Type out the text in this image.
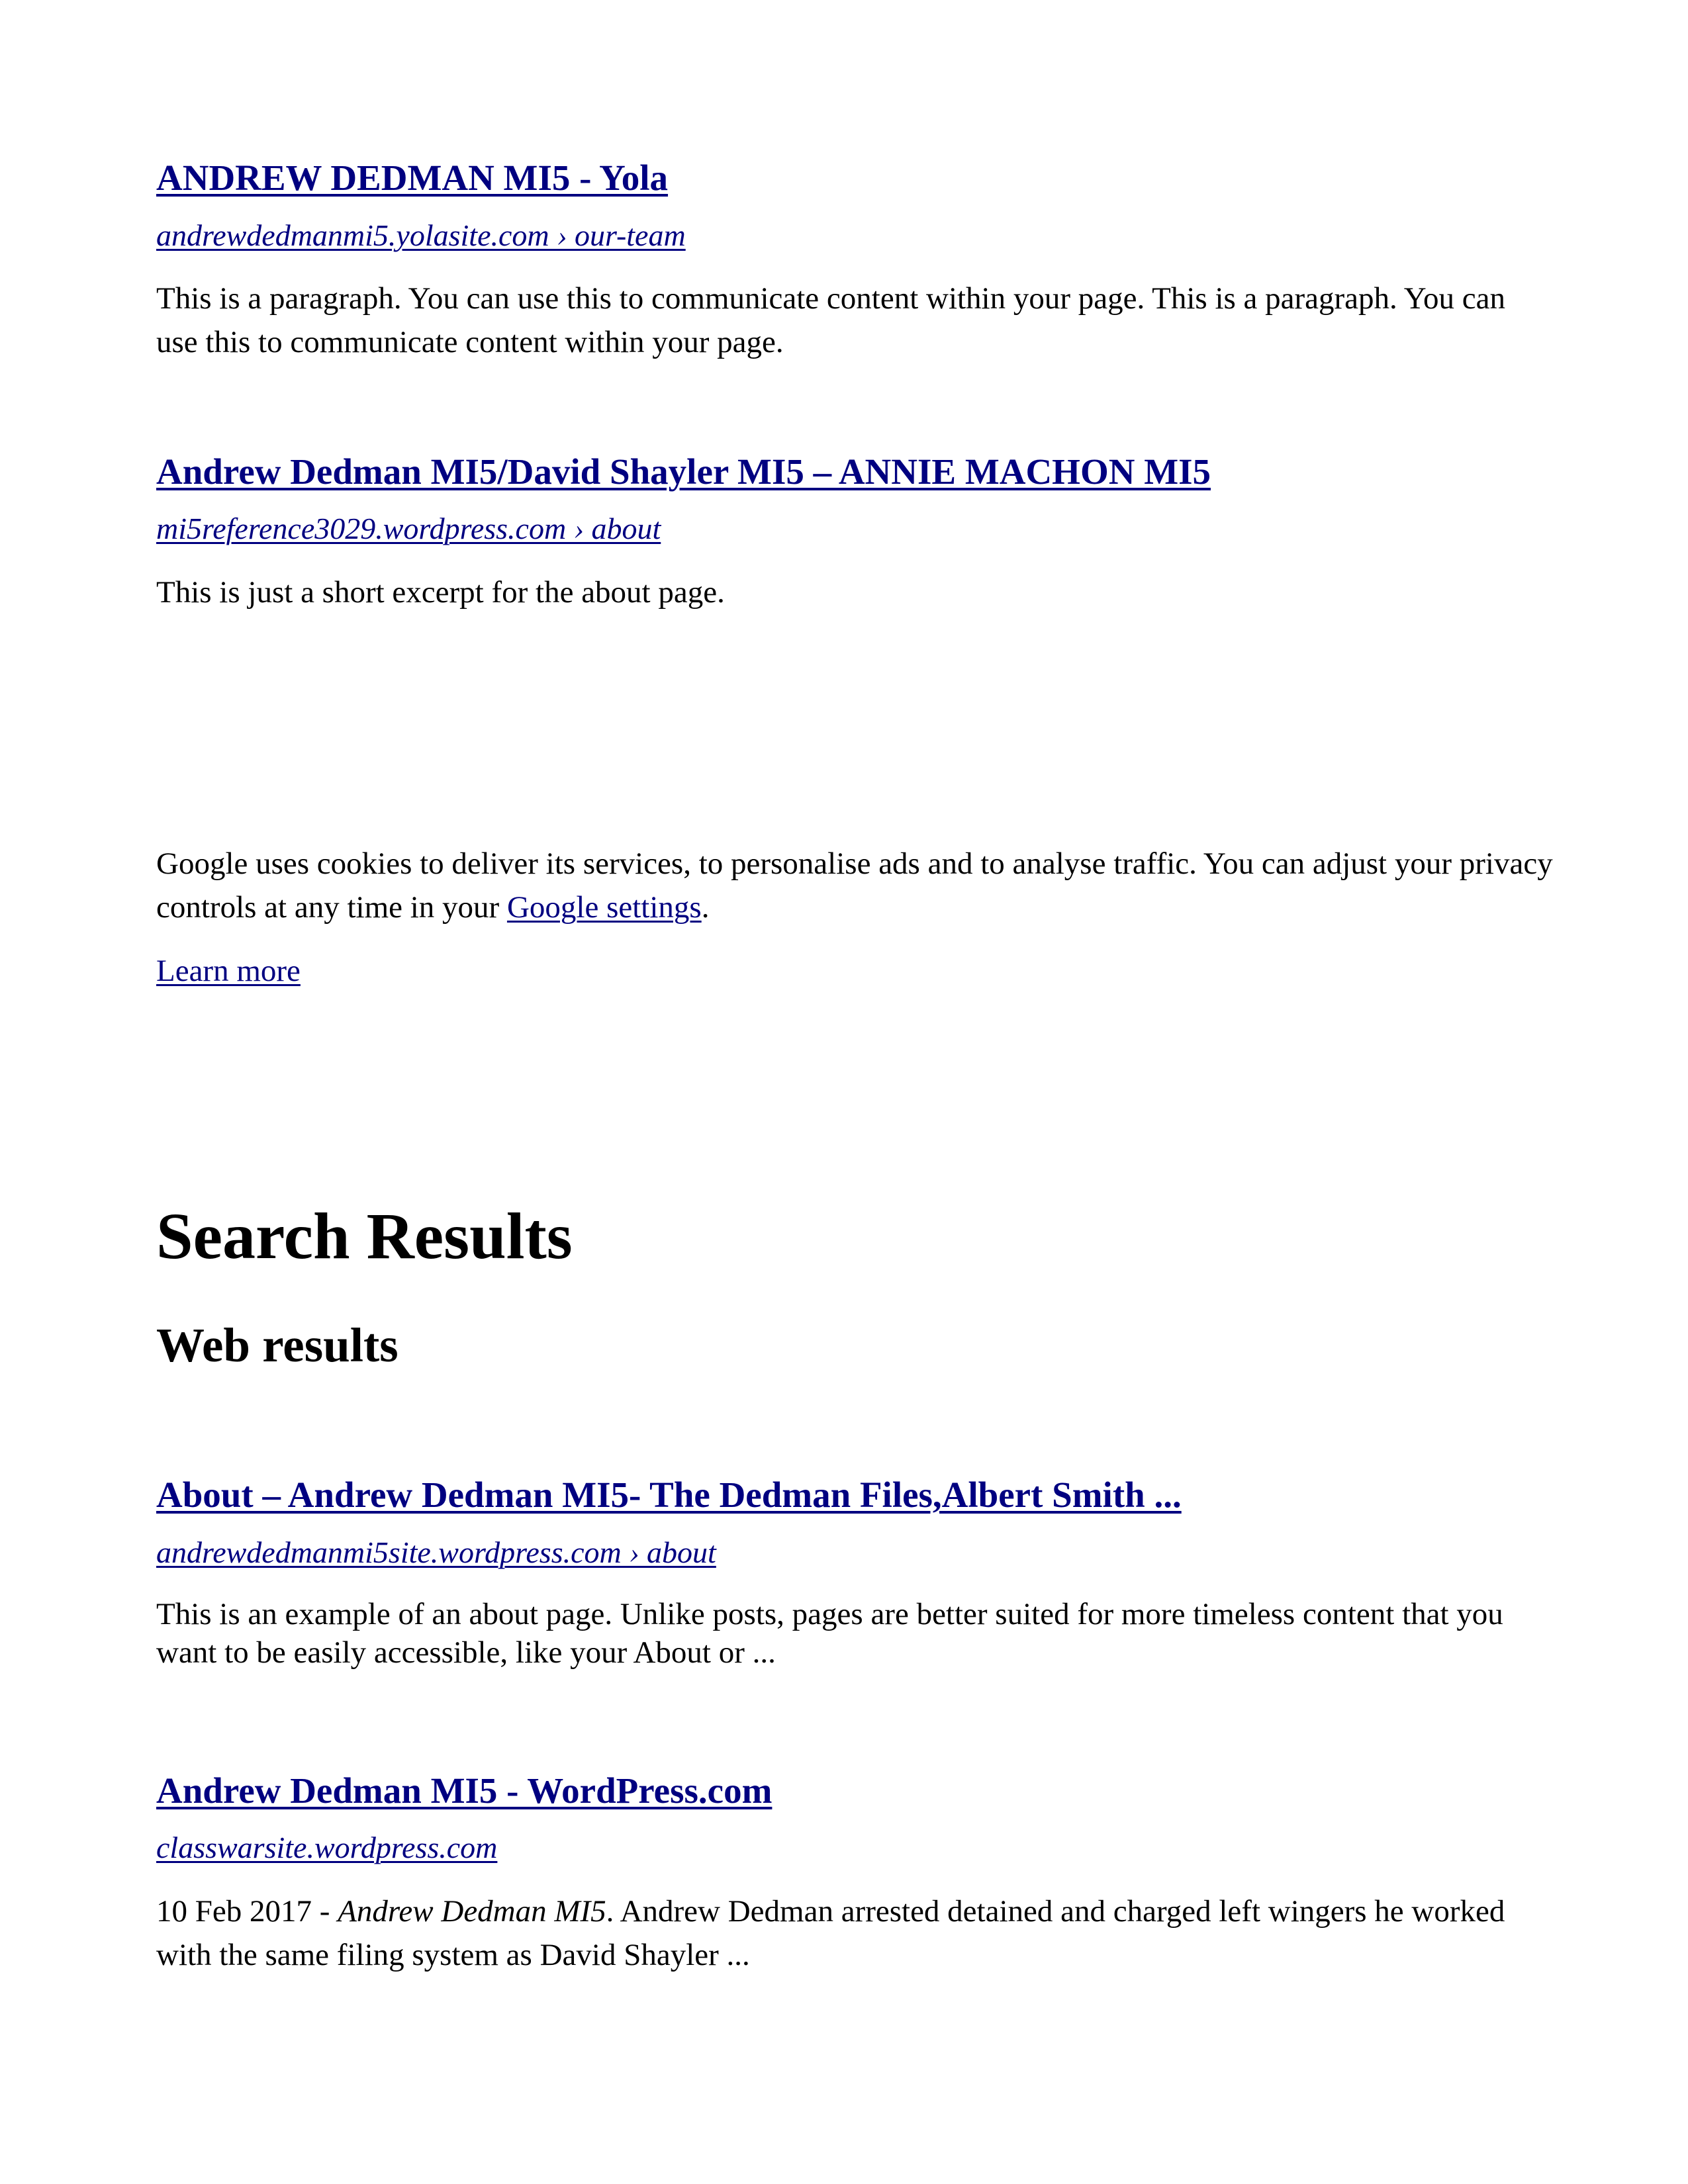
ANDREW DEDMAN MI5 - Yola
andrewdedmanmi5.yolasite.com › our-team

This is a paragraph. You can use this to communicate content within your page. This is a paragraph. You can use this to communicate content within your page.

Andrew Dedman MI5/David Shayler MI5 – ANNIE MACHON MI5
mi5reference3029.wordpress.com › about

This is just a short excerpt for the about page.

Google uses cookies to deliver its services, to personalise ads and to analyse traffic. You can adjust your privacy controls at any time in your Google settings.

Learn more
Search Results
Web results
About – Andrew Dedman MI5- The Dedman Files,Albert Smith ...
andrewdedmanmi5site.wordpress.com › about

This is an example of an about page. Unlike posts, pages are better suited for more timeless content that you want to be easily accessible, like your About or ...

Andrew Dedman MI5 - WordPress.com
classwarsite.wordpress.com

10 Feb 2017 - Andrew Dedman MI5. Andrew Dedman arrested detained and charged left wingers he worked with the same filing system as David Shayler ...
